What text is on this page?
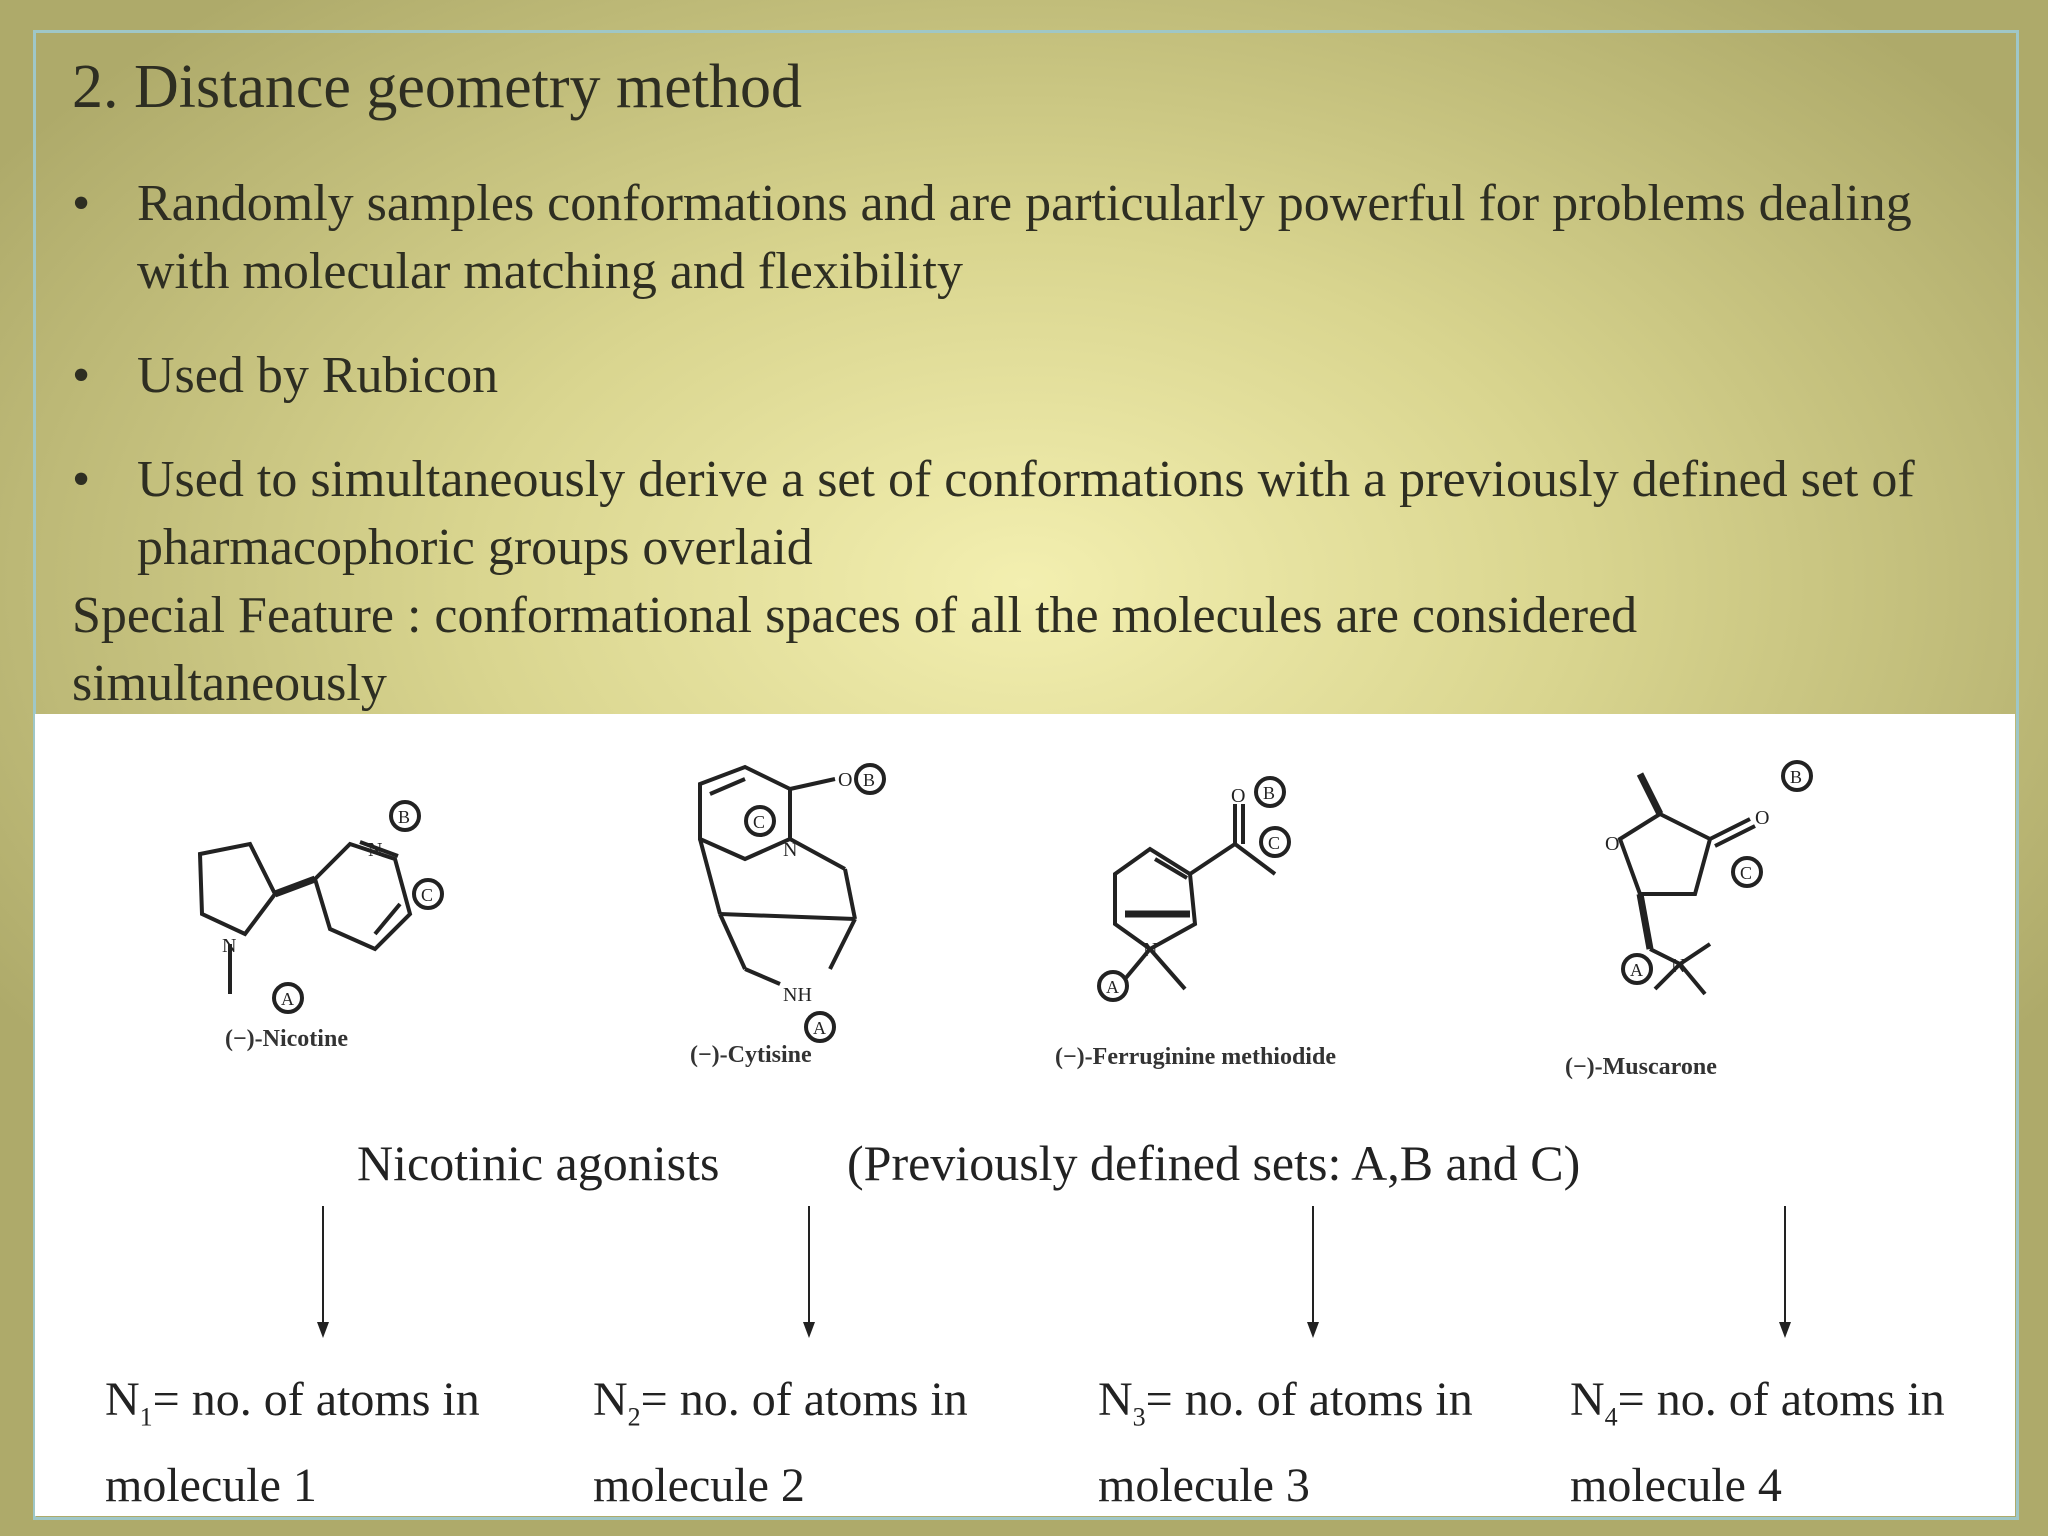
2. Distance geometry method
• Randomly samples conformations and are particularly powerful for problems dealing with molecular matching and flexibility
• Used by Rubicon
• Used to simultaneously derive a set of conformations with a previously defined set of pharmacophoric groups overlaid
Special Feature : conformational spaces of all the molecules are considered simultaneously
N
N
B
C
A
(−)-Nicotine
O
N
NH
B
C
A
(−)-Cytisine
O
N
B
C
A
(−)-Ferruginine methiodide
O
O
N
B
C
A
(−)-Muscarone
Nicotinic agonists	(Previously defined sets: A,B and C)
$N_1=$ no. of atoms in
molecule 1
$N_2=$ no. of atoms in
molecule 2
$N_3=$ no. of atoms in
molecule 3
$N_4=$ no. of atoms in
molecule 4
